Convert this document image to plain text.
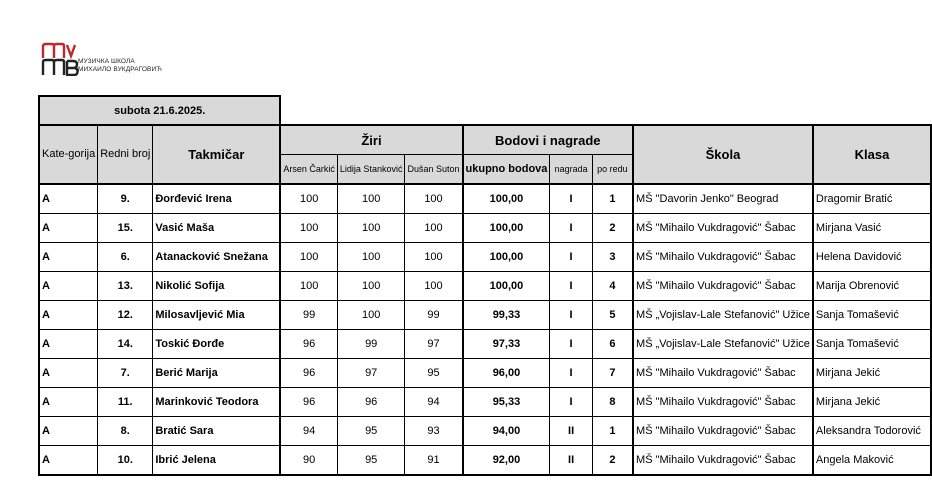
МУЗИЧКА ШКОЛА
МИХАИЛО ВУКДРАГОВИЋ
subota 21.6.2025.										
Kate-gorija	Redni broj	Takmičar	Žiri			Bodovi i nagrade			Škola	Klasa
			Arsen Čarkić	Lidija Stanković	Dušan Suton	ukupno bodova	nagrada	po redu		
A	9.	Đorđević Irena	100	100	100	100,00	I	1	MŠ "Davorin Jenko" Beograd	Dragomir Bratić
A	15.	Vasić Maša	100	100	100	100,00	I	2	MŠ "Mihailo Vukdragović" Šabac	Mirjana Vasić
A	6.	Atanacković Snežana	100	100	100	100,00	I	3	MŠ "Mihailo Vukdragović" Šabac	Helena Davidović
A	13.	Nikolić Sofija	100	100	100	100,00	I	4	MŠ "Mihailo Vukdragović" Šabac	Marija Obrenović
A	12.	Milosavljević Mia	99	100	99	99,33	I	5	MŠ „Vojislav-Lale Stefanović" Užice	Sanja Tomašević
A	14.	Toskić Đorđe	96	99	97	97,33	I	6	MŠ „Vojislav-Lale Stefanović" Užice	Sanja Tomašević
A	7.	Berić Marija	96	97	95	96,00	I	7	MŠ "Mihailo Vukdragović" Šabac	Mirjana Jekić
A	11.	Marinković Teodora	96	96	94	95,33	I	8	MŠ "Mihailo Vukdragović" Šabac	Mirjana Jekić
A	8.	Bratić Sara	94	95	93	94,00	II	1	MŠ "Mihailo Vukdragović" Šabac	Aleksandra Todorović
A	10.	Ibrić Jelena	90	95	91	92,00	II	2	MŠ "Mihailo Vukdragović" Šabac	Angela Maković
